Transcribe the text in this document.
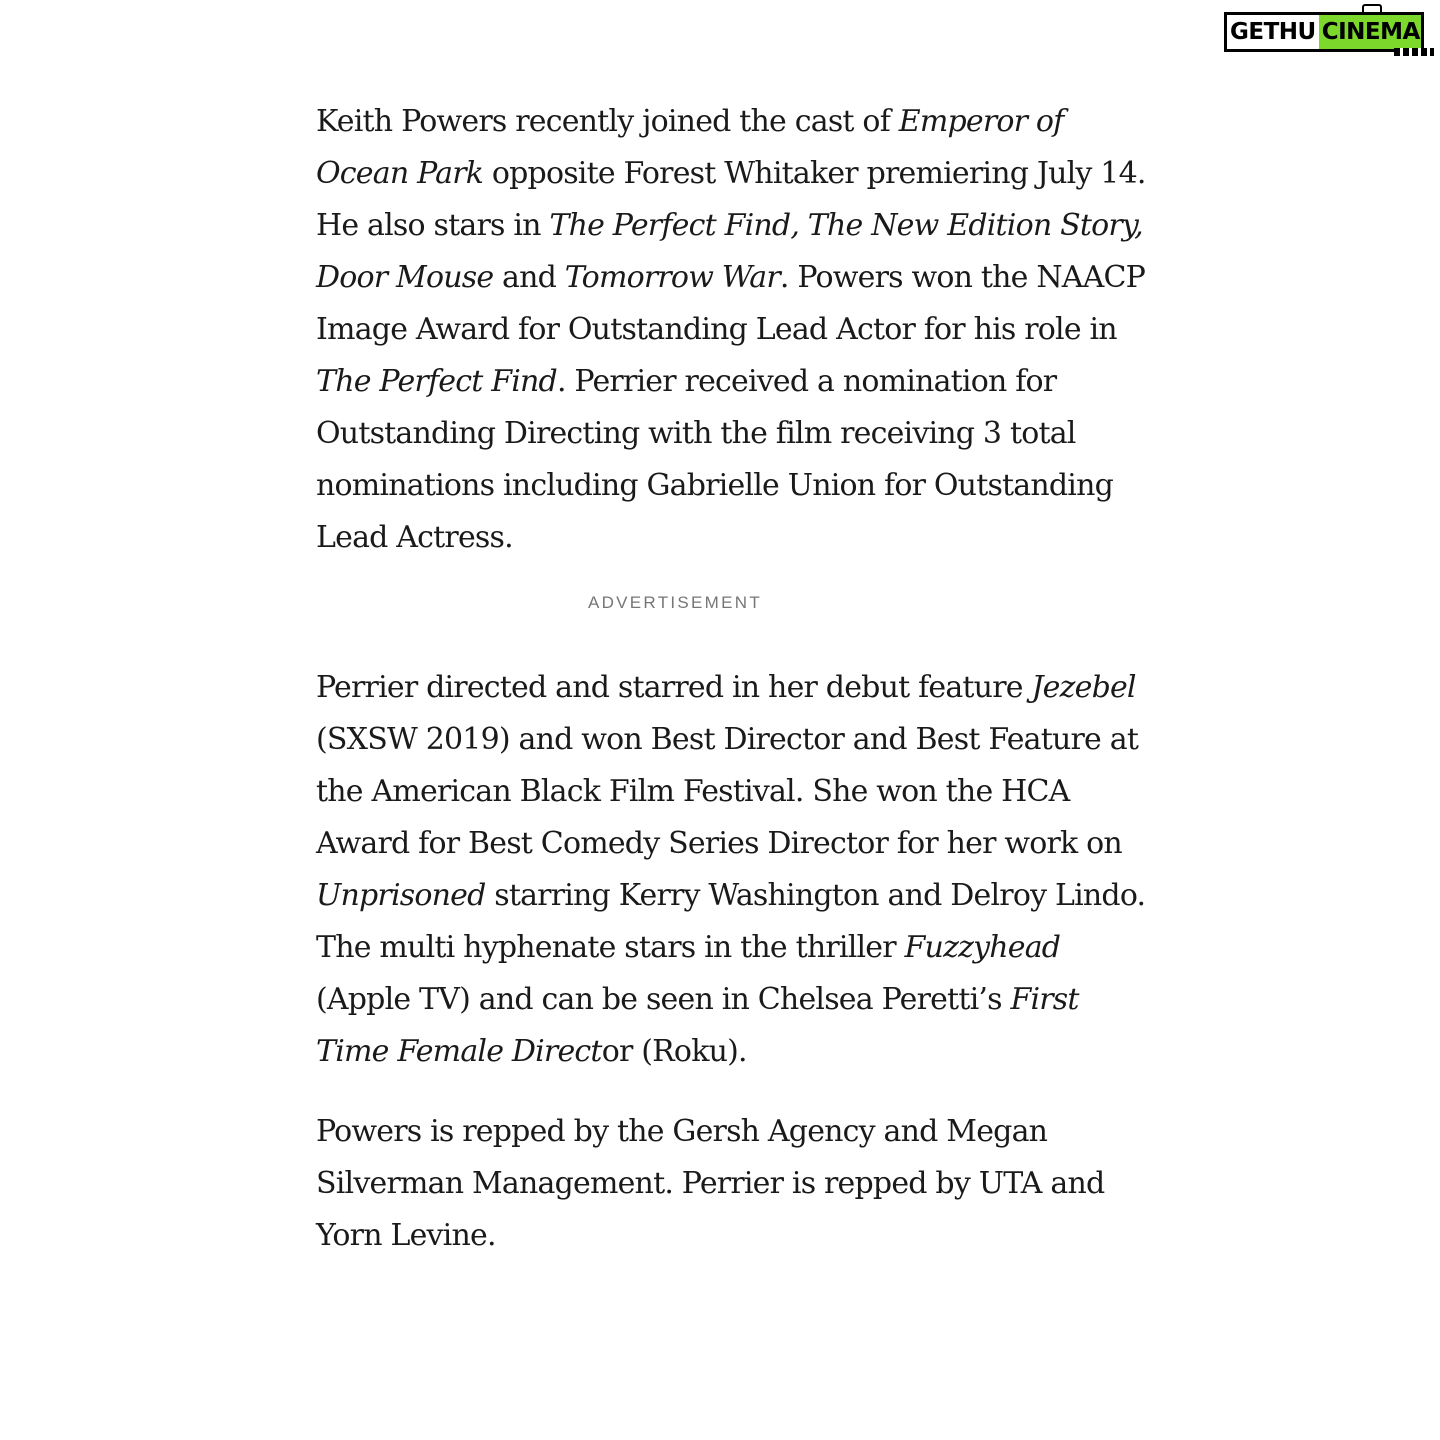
GETHU CINEMA

Keith Powers recently joined the cast of Emperor of Ocean Park opposite Forest Whitaker premiering July 14. He also stars in The Perfect Find, The New Edition Story, Door Mouse and Tomorrow War. Powers won the NAACP Image Award for Outstanding Lead Actor for his role in The Perfect Find. Perrier received a nomination for Outstanding Directing with the film receiving 3 total nominations including Gabrielle Union for Outstanding Lead Actress.

ADVERTISEMENT

Perrier directed and starred in her debut feature Jezebel (SXSW 2019) and won Best Director and Best Feature at the American Black Film Festival. She won the HCA Award for Best Comedy Series Director for her work on Unprisoned starring Kerry Washington and Delroy Lindo. The multi hyphenate stars in the thriller Fuzzyhead (Apple TV) and can be seen in Chelsea Peretti’s First Time Female Director (Roku).

Powers is repped by the Gersh Agency and Megan Silverman Management. Perrier is repped by UTA and Yorn Levine.
